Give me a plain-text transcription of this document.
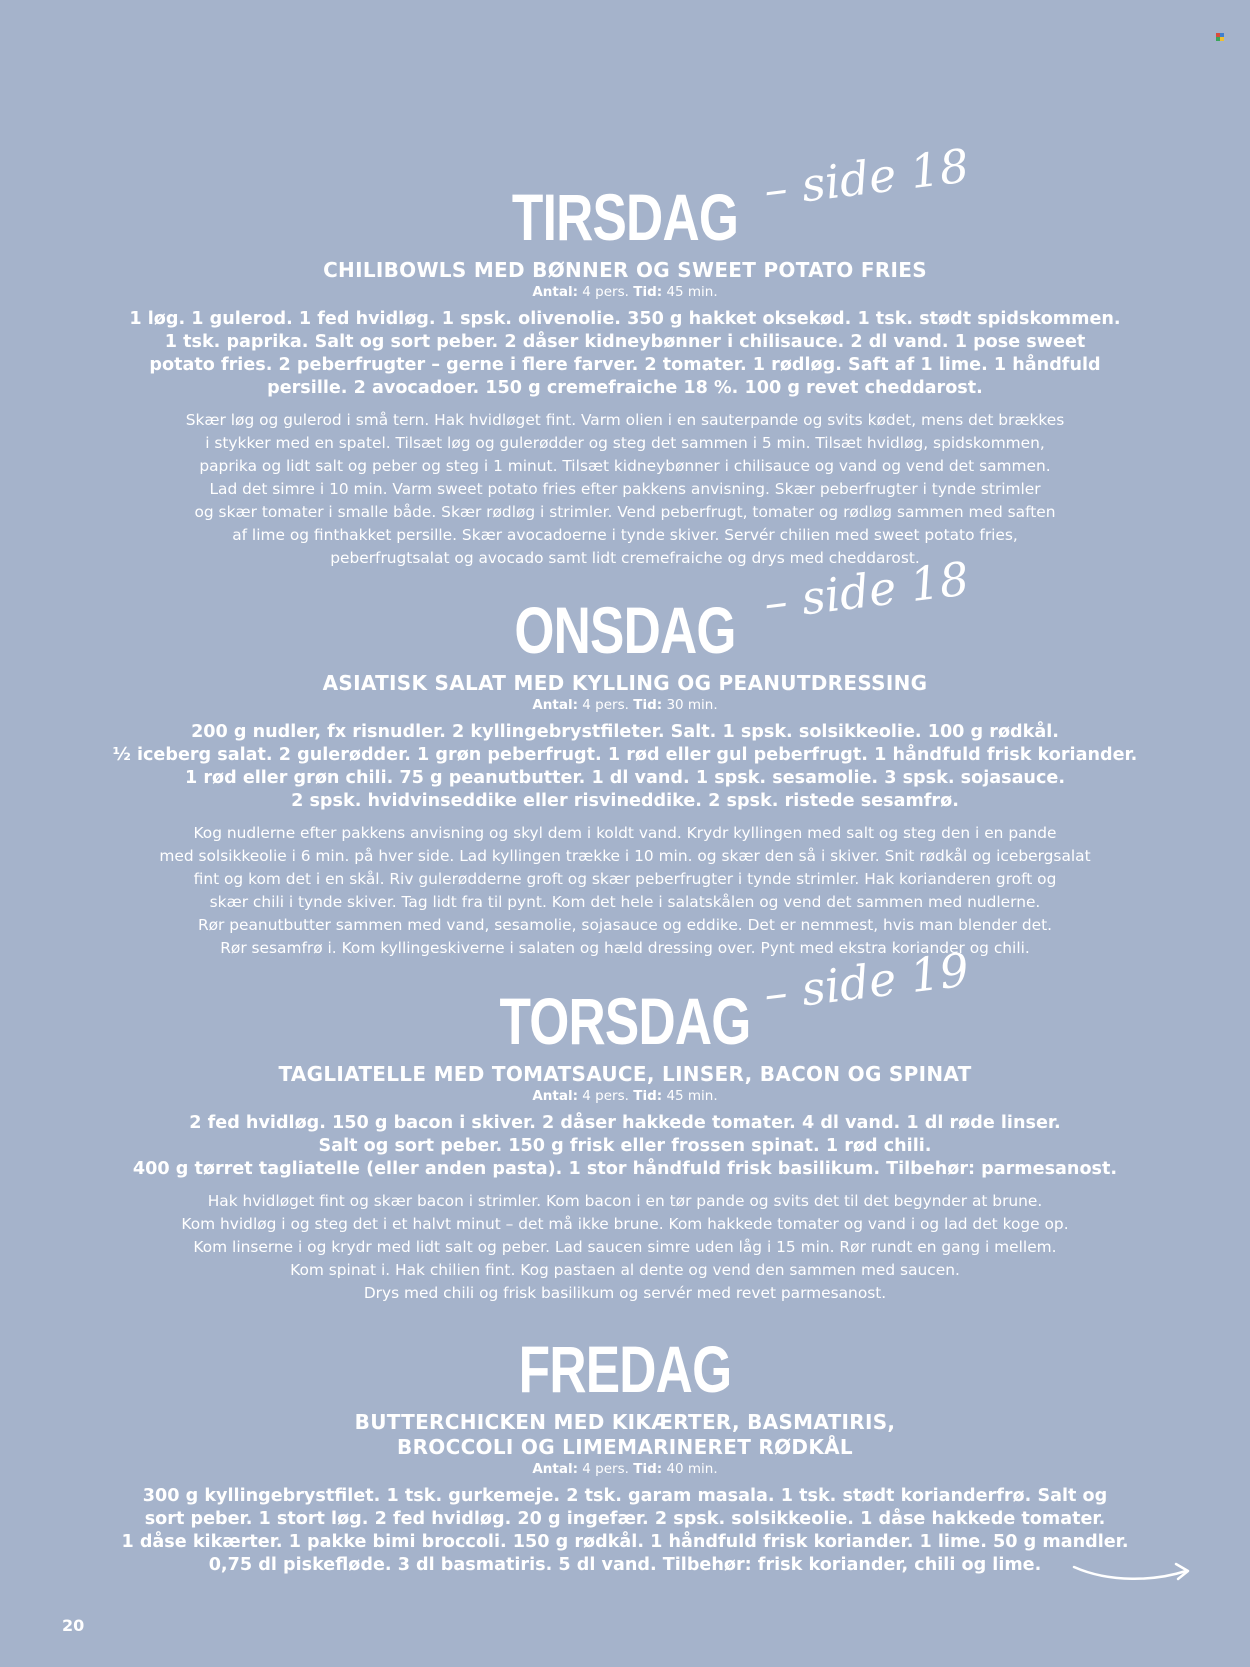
TIRSDAG – side 18
CHILIBOWLS MED BØNNER OG SWEET POTATO FRIES
Antal: 4 pers. Tid: 45 min.
1 løg. 1 gulerod. 1 fed hvidløg. 1 spsk. olivenolie. 350 g hakket oksekød. 1 tsk. stødt spidskommen.
1 tsk. paprika. Salt og sort peber. 2 dåser kidneybønner i chilisauce. 2 dl vand. 1 pose sweet
potato fries. 2 peberfrugter – gerne i flere farver. 2 tomater. 1 rødløg. Saft af 1 lime. 1 håndfuld
persille. 2 avocadoer. 150 g cremefraiche 18 %. 100 g revet cheddarost.
Skær løg og gulerod i små tern. Hak hvidløget fint. Varm olien i en sauterpande og svits kødet, mens det brækkes
i stykker med en spatel. Tilsæt løg og gulerødder og steg det sammen i 5 min. Tilsæt hvidløg, spidskommen,
paprika og lidt salt og peber og steg i 1 minut. Tilsæt kidneybønner i chilisauce og vand og vend det sammen.
Lad det simre i 10 min. Varm sweet potato fries efter pakkens anvisning. Skær peberfrugter i tynde strimler
og skær tomater i smalle både. Skær rødløg i strimler. Vend peberfrugt, tomater og rødløg sammen med saften
af lime og finthakket persille. Skær avocadoerne i tynde skiver. Servér chilien med sweet potato fries,
peberfrugtsalat og avocado samt lidt cremefraiche og drys med cheddarost.
ONSDAG – side 18
ASIATISK SALAT MED KYLLING OG PEANUTDRESSING
Antal: 4 pers. Tid: 30 min.
200 g nudler, fx risnudler. 2 kyllingebrystfileter. Salt. 1 spsk. solsikkeolie. 100 g rødkål.
½ iceberg salat. 2 gulerødder. 1 grøn peberfrugt. 1 rød eller gul peberfrugt. 1 håndfuld frisk koriander.
1 rød eller grøn chili. 75 g peanutbutter. 1 dl vand. 1 spsk. sesamolie. 3 spsk. sojasauce.
2 spsk. hvidvinseddike eller risvineddike. 2 spsk. ristede sesamfrø.
Kog nudlerne efter pakkens anvisning og skyl dem i koldt vand. Krydr kyllingen med salt og steg den i en pande
med solsikkeolie i 6 min. på hver side. Lad kyllingen trække i 10 min. og skær den så i skiver. Snit rødkål og icebergsalat
fint og kom det i en skål. Riv gulerødderne groft og skær peberfrugter i tynde strimler. Hak korianderen groft og
skær chili i tynde skiver. Tag lidt fra til pynt. Kom det hele i salatskålen og vend det sammen med nudlerne.
Rør peanutbutter sammen med vand, sesamolie, sojasauce og eddike. Det er nemmest, hvis man blender det.
Rør sesamfrø i. Kom kyllingeskiverne i salaten og hæld dressing over. Pynt med ekstra koriander og chili.
TORSDAG – side 19
TAGLIATELLE MED TOMATSAUCE, LINSER, BACON OG SPINAT
Antal: 4 pers. Tid: 45 min.
2 fed hvidløg. 150 g bacon i skiver. 2 dåser hakkede tomater. 4 dl vand. 1 dl røde linser.
Salt og sort peber. 150 g frisk eller frossen spinat. 1 rød chili.
400 g tørret tagliatelle (eller anden pasta). 1 stor håndfuld frisk basilikum. Tilbehør: parmesanost.
Hak hvidløget fint og skær bacon i strimler. Kom bacon i en tør pande og svits det til det begynder at brune.
Kom hvidløg i og steg det i et halvt minut – det må ikke brune. Kom hakkede tomater og vand i og lad det koge op.
Kom linserne i og krydr med lidt salt og peber. Lad saucen simre uden låg i 15 min. Rør rundt en gang i mellem.
Kom spinat i. Hak chilien fint. Kog pastaen al dente og vend den sammen med saucen.
Drys med chili og frisk basilikum og servér med revet parmesanost.
FREDAG
BUTTERCHICKEN MED KIKÆRTER, BASMATIRIS,
BROCCOLI OG LIMEMARINERET RØDKÅL
Antal: 4 pers. Tid: 40 min.
300 g kyllingebrystfilet. 1 tsk. gurkemeje. 2 tsk. garam masala. 1 tsk. stødt korianderfrø. Salt og
sort peber. 1 stort løg. 2 fed hvidløg. 20 g ingefær. 2 spsk. solsikkeolie. 1 dåse hakkede tomater.
1 dåse kikærter. 1 pakke bimi broccoli. 150 g rødkål. 1 håndfuld frisk koriander. 1 lime. 50 g mandler.
0,75 dl piskefløde. 3 dl basmatiris. 5 dl vand. Tilbehør: frisk koriander, chili og lime.
20
